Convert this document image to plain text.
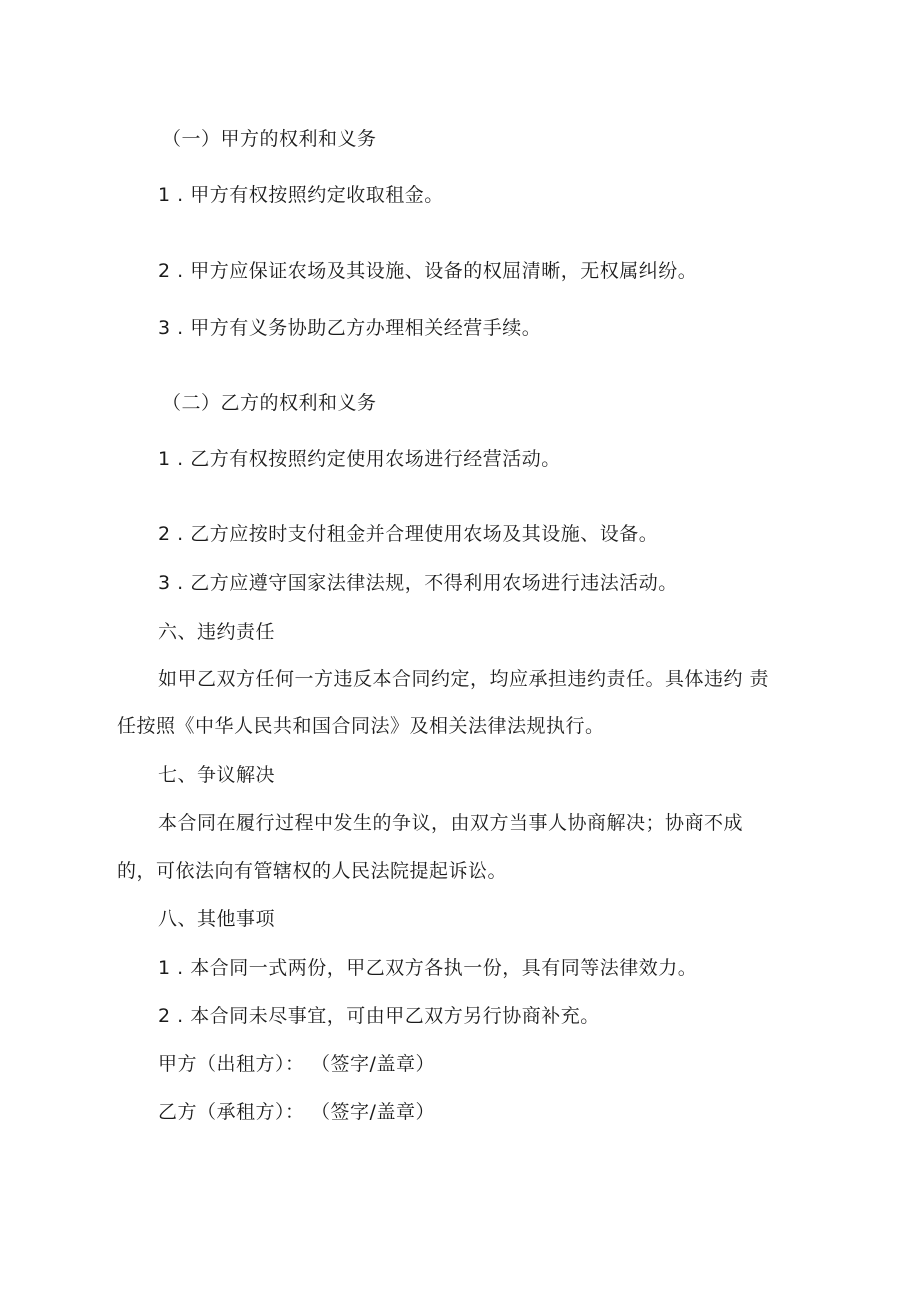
（一）甲方的权利和义务
1 . 甲方有权按照约定收取租金。
2 . 甲方应保证农场及其设施、设备的权屈清晰，无权属纠纷。
3 . 甲方有义务协助乙方办理相关经营手续。
（二）乙方的权利和义务
1 . 乙方有权按照约定使用农场进行经营活动。
2 . 乙方应按时支付租金并合理使用农场及其设施、设备。
3 . 乙方应遵守国家法律法规，不得利用农场进行违法活动。
六、违约责任
如甲乙双方任何一方违反本合同约定，均应承担违约责任。具体违约 责
任按照《中华人民共和国合同法》及相关法律法规执行。
七、争议解决
本合同在履行过程中发生的争议，由双方当事人协商解决；协商不成
的，可依法向有管辖权的人民法院提起诉讼。
八、其他事项
1 . 本合同一式两份，甲乙双方各执一份，具有同等法律效力。
2 . 本合同未尽事宜，可由甲乙双方另行协商补充。
甲方（出租方）： （签字/盖章）
乙方（承租方）： （签字/盖章）
